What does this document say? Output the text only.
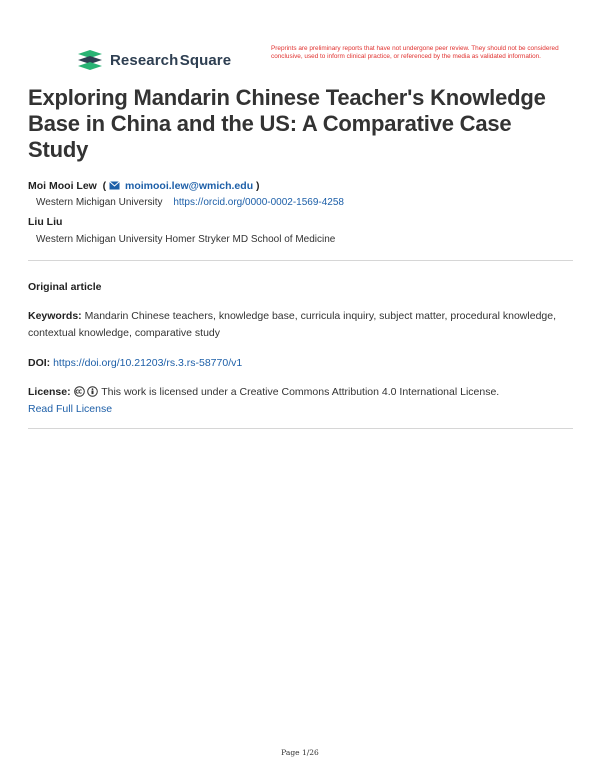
Research Square
Preprints are preliminary reports that have not undergone peer review. They should not be considered conclusive, used to inform clinical practice, or referenced by the media as validated information.
Exploring Mandarin Chinese Teacher's Knowledge Base in China and the US: A Comparative Case Study
Moi Mooi Lew  ( moimooi.lew@wmich.edu )
Western Michigan University https://orcid.org/0000-0002-1569-4258
Liu Liu
Western Michigan University Homer Stryker MD School of Medicine
Original article
Keywords: Mandarin Chinese teachers, knowledge base, curricula inquiry, subject matter, procedural knowledge, contextual knowledge, comparative study
DOI: https://doi.org/10.21203/rs.3.rs-58770/v1
License:	This work is licensed under a Creative Commons Attribution 4.0 International License.
Read Full License
Page 1/26
